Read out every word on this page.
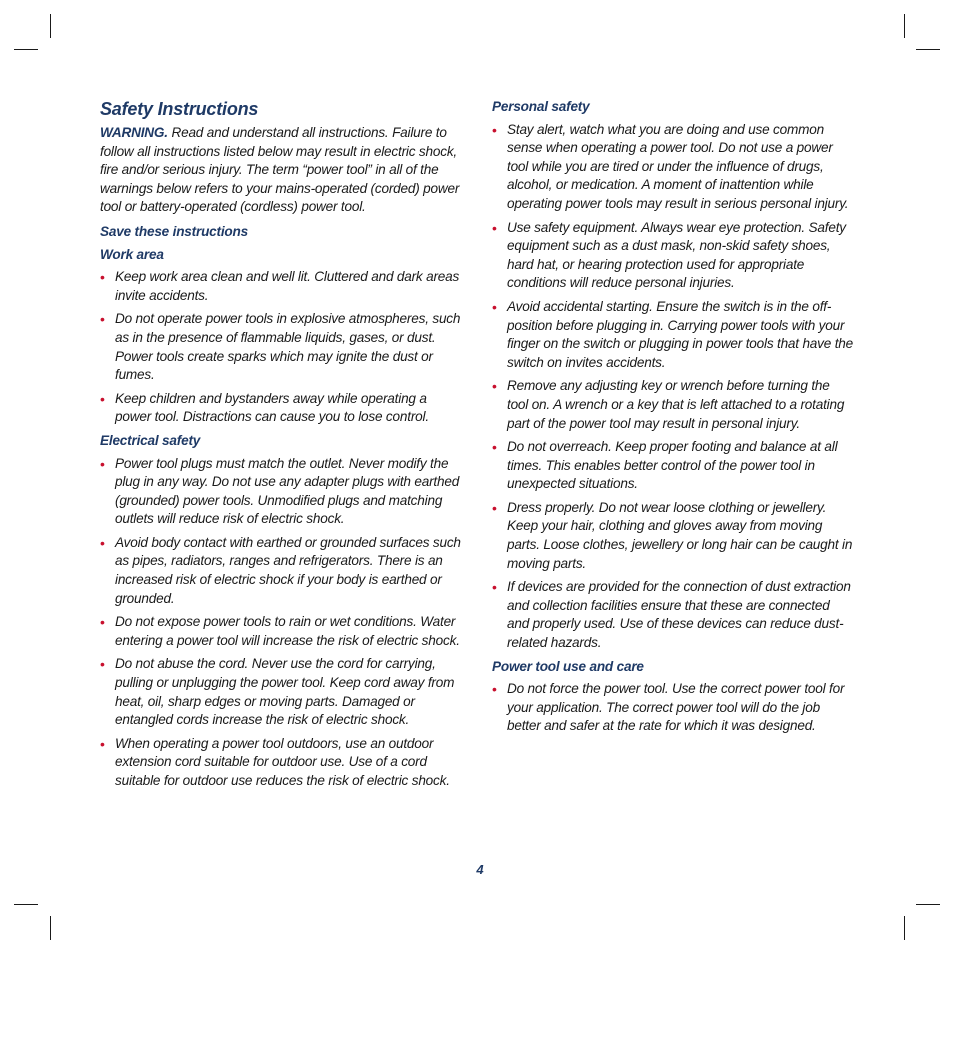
Safety Instructions

WARNING. Read and understand all instructions. Failure to follow all instructions listed below may result in electric shock, fire and/or serious injury. The term “power tool” in all of the warnings below refers to your mains-operated (corded) power tool or battery-operated (cordless) power tool.

Save these instructions
Work area
• Keep work area clean and well lit. Cluttered and dark areas invite accidents.
• Do not operate power tools in explosive atmospheres, such as in the presence of flammable liquids, gases, or dust. Power tools create sparks which may ignite the dust or fumes.
• Keep children and bystanders away while operating a power tool. Distractions can cause you to lose control.
Electrical safety
• Power tool plugs must match the outlet. Never modify the plug in any way. Do not use any adapter plugs with earthed (grounded) power tools. Unmodified plugs and matching outlets will reduce risk of electric shock.
• Avoid body contact with earthed or grounded surfaces such as pipes, radiators, ranges and refrigerators. There is an increased risk of electric shock if your body is earthed or grounded.
• Do not expose power tools to rain or wet conditions. Water entering a power tool will increase the risk of electric shock.
• Do not abuse the cord. Never use the cord for carrying, pulling or unplugging the power tool. Keep cord away from heat, oil, sharp edges or moving parts. Damaged or entangled cords increase the risk of electric shock.
• When operating a power tool outdoors, use an outdoor extension cord suitable for outdoor use. Use of a cord suitable for outdoor use reduces the risk of electric shock.
Personal safety
• Stay alert, watch what you are doing and use common sense when operating a power tool. Do not use a power tool while you are tired or under the influence of drugs, alcohol, or medication. A moment of inattention while operating power tools may result in serious personal injury.
• Use safety equipment. Always wear eye protection. Safety equipment such as a dust mask, non-skid safety shoes, hard hat, or hearing protection used for appropriate conditions will reduce personal injuries.
• Avoid accidental starting. Ensure the switch is in the off-position before plugging in. Carrying power tools with your finger on the switch or plugging in power tools that have the switch on invites accidents.
• Remove any adjusting key or wrench before turning the tool on. A wrench or a key that is left attached to a rotating part of the power tool may result in personal injury.
• Do not overreach. Keep proper footing and balance at all times. This enables better control of the power tool in unexpected situations.
• Dress properly. Do not wear loose clothing or jewellery. Keep your hair, clothing and gloves away from moving parts. Loose clothes, jewellery or long hair can be caught in moving parts.
• If devices are provided for the connection of dust extraction and collection facilities ensure that these are connected and properly used. Use of these devices can reduce dust-related hazards.
Power tool use and care
• Do not force the power tool. Use the correct power tool for your application. The correct power tool will do the job better and safer at the rate for which it was designed.
4
